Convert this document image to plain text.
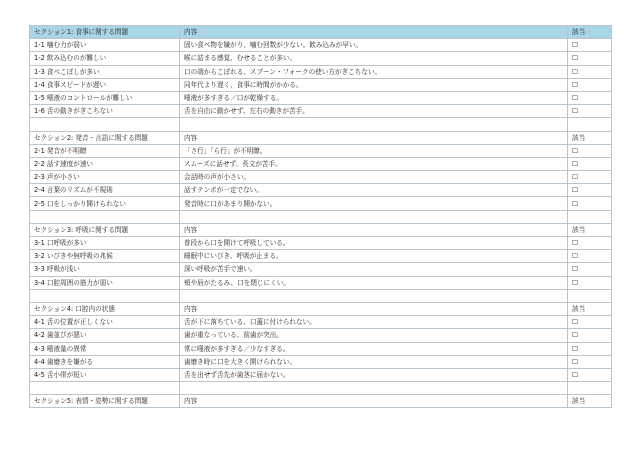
セクション1: 食事に関する問題	内容	該当
1-1 噛む力が弱い	固い食べ物を嫌がり、噛む回数が少ない。飲み込みが早い。	☐
1-2 飲み込むのが難しい	喉に詰まる感覚、むせることが多い。	☐
1-3 食べこぼしが多い	口の端からこぼれる、スプーン・フォークの使い方がぎこちない。	☐
1-4 食事スピードが遅い	同年代より遅く、食事に時間がかかる。	☐
1-5 唾液のコントロールが難しい	唾液が多すぎる／口が乾燥する。	☐
1-6 舌の動きがぎこちない	舌を自由に動かせず、左右の動きが苦手。	☐

セクション2: 発音・言語に関する問題	内容	該当
2-1 発音が不明瞭	「さ行」「ら行」が不明瞭。	☐
2-2 話す速度が速い	スムーズに話せず、長文が苦手。	☐
2-3 声が小さい	会話時の声が小さい。	☐
2-4 言葉のリズムが不規則	話すテンポが一定でない。	☐
2-5 口をしっかり開けられない	発音時に口があまり開かない。	☐

セクション3: 呼吸に関する問題	内容	該当
3-1 口呼吸が多い	普段から口を開けて呼吸している。	☐
3-2 いびきや無呼吸の兆候	睡眠中にいびき、呼吸が止まる。	☐
3-3 呼吸が浅い	深い呼吸が苦手で速い。	☐
3-4 口腔周囲の筋力が弱い	頬や唇がたるみ、口を閉じにくい。	☐

セクション4: 口腔内の状態	内容	該当
4-1 舌の位置が正しくない	舌が下に落ちている、口蓋に付けられない。	☐
4-2 歯並びが悪い	歯が重なっている、前歯が突出。	☐
4-3 唾液量の異常	常に唾液が多すぎる／少なすぎる。	☐
4-4 歯磨きを嫌がる	歯磨き時に口を大きく開けられない。	☐
4-5 舌小帯が短い	舌を出せず舌先が歯茎に届かない。	☐

セクション5: 表情・姿勢に関する問題	内容	該当
